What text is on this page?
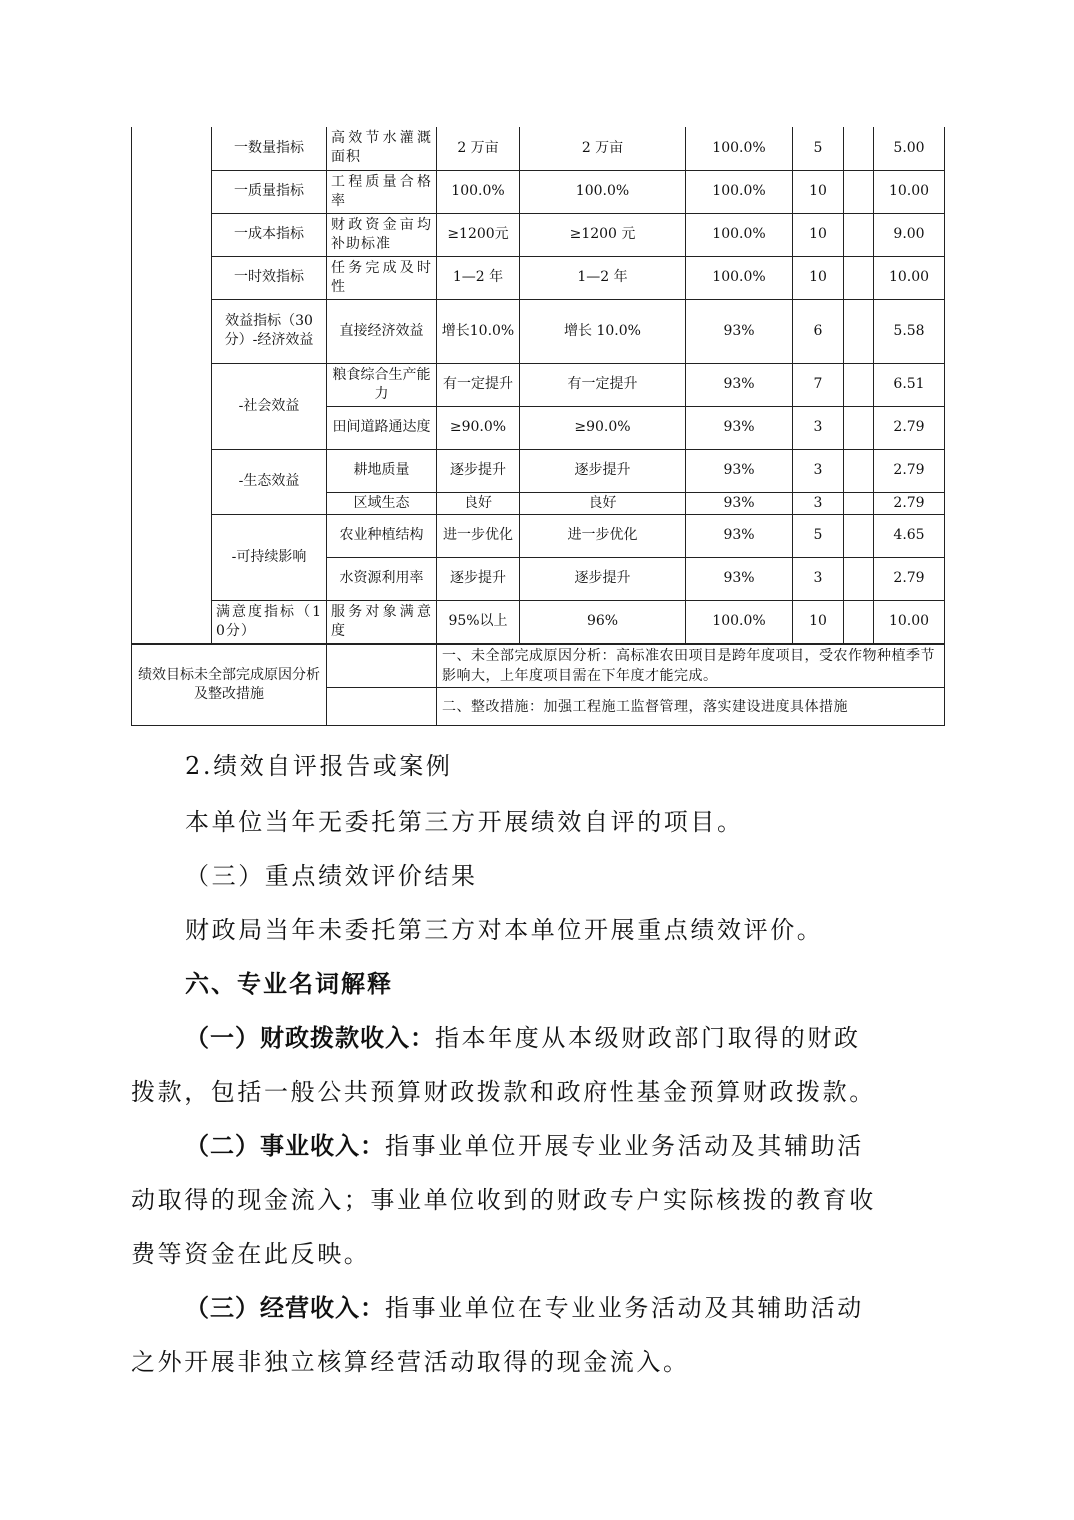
	一数量指标	高效节水灌溉面积	2 万亩	2 万亩	100.0%	5		5.00
	一质量指标	工程质量合格率	100.0%	100.0%	100.0%	10		10.00
	一成本指标	财政资金亩均补助标准	≥1200元	≥1200 元	100.0%	10		9.00
	一时效指标	任务完成及时性	1—2 年	1—2 年	100.0%	10		10.00
	效益指标（30分）-经济效益	直接经济效益	增长10.0%	增长 10.0%	93%	6		5.58
	-社会效益	粮食综合生产能力	有一定提升	有一定提升	93%	7		6.51
		田间道路通达度	≥90.0%	≥90.0%	93%	3		2.79
	-生态效益	耕地质量	逐步提升	逐步提升	93%	3		2.79
		区域生态	良好	良好	93%	3		2.79
	-可持续影响	农业种植结构	进一步优化	进一步优化	93%	5		4.65
		水资源利用率	逐步提升	逐步提升	93%	3		2.79
	满意度指标（10分）	服务对象满意度	95%以上	96%	100.0%	10		10.00
绩效目标未全部完成原因分析及整改措施		一、未全部完成原因分析：高标准农田项目是跨年度项目，受农作物种植季节影响大，上年度项目需在下年度才能完成。
		二、整改措施：加强工程施工监督管理，落实建设进度具体措施
2.绩效自评报告或案例
本单位当年无委托第三方开展绩效自评的项目。
（三）重点绩效评价结果
财政局当年未委托第三方对本单位开展重点绩效评价。
六、专业名词解释
（一）财政拨款收入：指本年度从本级财政部门取得的财政
拨款，包括一般公共预算财政拨款和政府性基金预算财政拨款。
（二）事业收入：指事业单位开展专业业务活动及其辅助活
动取得的现金流入；事业单位收到的财政专户实际核拨的教育收
费等资金在此反映。
（三）经营收入：指事业单位在专业业务活动及其辅助活动
之外开展非独立核算经营活动取得的现金流入。
